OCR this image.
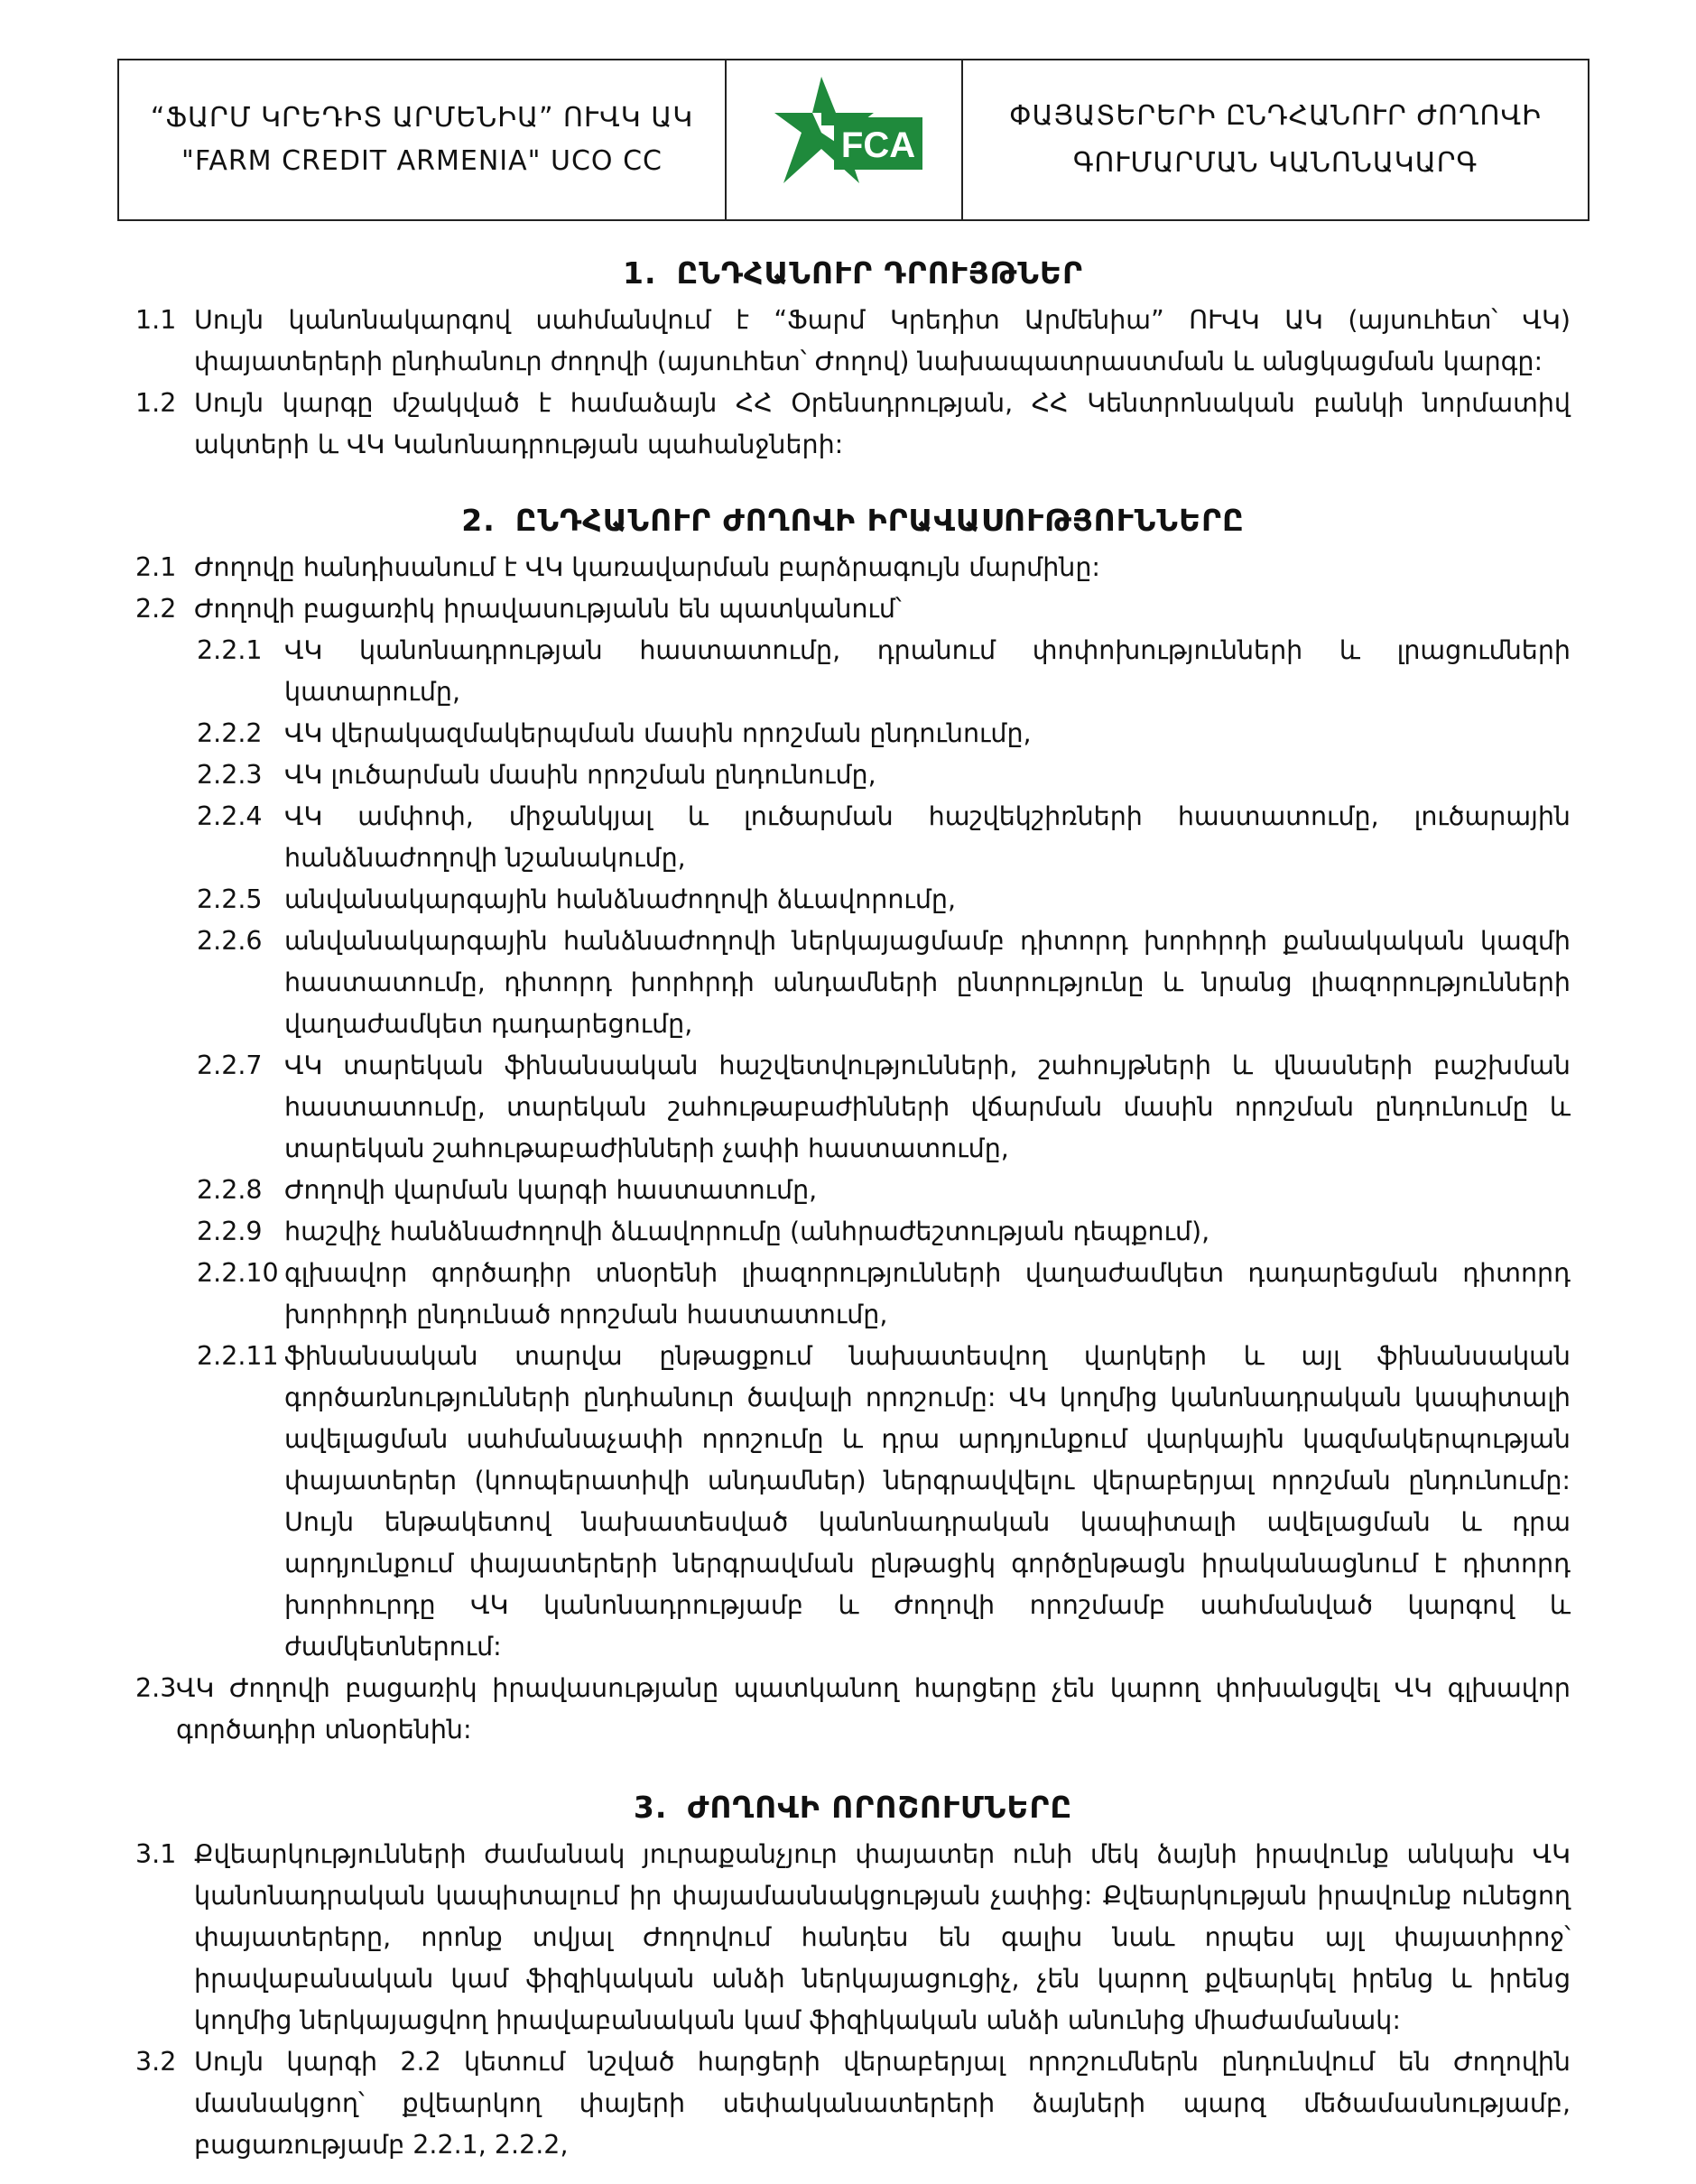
“ՖԱՐՄ ԿՐԵԴԻՏ ԱՐՄԵՆԻԱ” ՈՒՎԿ ԱԿ
"FARM CREDIT ARMENIA" UCO CC	FCA
ՓԱՅԱՏԵՐԵՐԻ ԸՆԴՀԱՆՈՒՐ ԺՈՂՈՎԻ
ԳՈՒՄԱՐՄԱՆ ԿԱՆՈՆԱԿԱՐԳ
1. ԸՆԴՀԱՆՈՒՐ ԴՐՈՒՅԹՆԵՐ
1.1 Սույն կանոնակարգով սահմանվում է “Ֆարմ Կրեդիտ Արմենիա” ՈՒՎԿ ԱԿ (այսուհետ՝ ՎԿ) փայատերերի ընդհանուր ժողովի (այսուհետ՝ Ժողով) նախապատրաստման և անցկացման կարգը:
1.2 Սույն կարգը մշակված է համաձայն ՀՀ Օրենսդրության, ՀՀ Կենտրոնական բանկի նորմատիվ ակտերի և ՎԿ Կանոնադրության պահանջների:
2. ԸՆԴՀԱՆՈՒՐ ԺՈՂՈՎԻ ԻՐԱՎԱՍՈՒԹՅՈՒՆՆԵՐԸ
2.1 Ժողովը հանդիսանում է ՎԿ կառավարման բարձրագույն մարմինը:
2.2 Ժողովի բացառիկ իրավասությանն են պատկանում՝
2.2.1 ՎԿ կանոնադրության հաստատումը, դրանում փոփոխությունների և լրացումների կատարումը,
2.2.2 ՎԿ վերակազմակերպման մասին որոշման ընդունումը,
2.2.3 ՎԿ լուծարման մասին որոշման ընդունումը,
2.2.4 ՎԿ ամփոփ, միջանկյալ և լուծարման հաշվեկշիռների հաստատումը, լուծարային հանձնաժողովի նշանակումը,
2.2.5 անվանակարգային հանձնաժողովի ձևավորումը,
2.2.6 անվանակարգային հանձնաժողովի ներկայացմամբ դիտորդ խորհրդի քանակական կազմի հաստատումը, դիտորդ խորհրդի անդամների ընտրությունը և նրանց լիազորությունների վաղաժամկետ դադարեցումը,
2.2.7 ՎԿ տարեկան ֆինանսական հաշվետվությունների, շահույթների և վնասների բաշխման հաստատումը, տարեկան շահութաբաժինների վճարման մասին որոշման ընդունումը և տարեկան շահութաբաժինների չափի հաստատումը,
2.2.8 Ժողովի վարման կարգի հաստատումը,
2.2.9 հաշվիչ հանձնաժողովի ձևավորումը (անհրաժեշտության դեպքում),
2.2.10 գլխավոր գործադիր տնօրենի լիազորությունների վաղաժամկետ դադարեցման դիտորդ խորհրդի ընդունած որոշման հաստատումը,
2.2.11 ֆինանսական տարվա ընթացքում նախատեսվող վարկերի և այլ ֆինանսական գործառնությունների ընդհանուր ծավալի որոշումը: ՎԿ կողմից կանոնադրական կապիտալի ավելացման սահմանաչափի որոշումը և դրա արդյունքում վարկային կազմակերպության փայատերեր (կոոպերատիվի անդամներ) ներգրավվելու վերաբերյալ որոշման ընդունումը: Սույն ենթակետով նախատեսված կանոնադրական կապիտալի ավելացման և դրա արդյունքում փայատերերի ներգրավման ընթացիկ գործընթացն իրականացնում է դիտորդ խորհուրդը ՎԿ կանոնադրությամբ և Ժողովի որոշմամբ սահմանված կարգով և ժամկետներում:
2.3 ՎԿ Ժողովի բացառիկ իրավասությանը պատկանող հարցերը չեն կարող փոխանցվել ՎԿ գլխավոր գործադիր տնօրենին:
3. ԺՈՂՈՎԻ ՈՐՈՇՈՒՄՆԵՐԸ
3.1 Քվեարկությունների ժամանակ յուրաքանչյուր փայատեր ունի մեկ ձայնի իրավունք անկախ ՎԿ կանոնադրական կապիտալում իր փայամասնակցության չափից: Քվեարկության իրավունք ունեցող փայատերերը, որոնք տվյալ Ժողովում հանդես են գալիս նաև որպես այլ փայատիրոջ՝ իրավաբանական կամ ֆիզիկական անձի ներկայացուցիչ, չեն կարող քվեարկել իրենց և իրենց կողմից ներկայացվող իրավաբանական կամ ֆիզիկական անձի անունից միաժամանակ:
3.2 Սույն կարգի 2.2 կետում նշված հարցերի վերաբերյալ որոշումներն ընդունվում են Ժողովին մասնակցող՝ քվեարկող փայերի սեփականատերերի ձայների պարզ մեծամասնությամբ, բացառությամբ 2.2.1, 2.2.2,
